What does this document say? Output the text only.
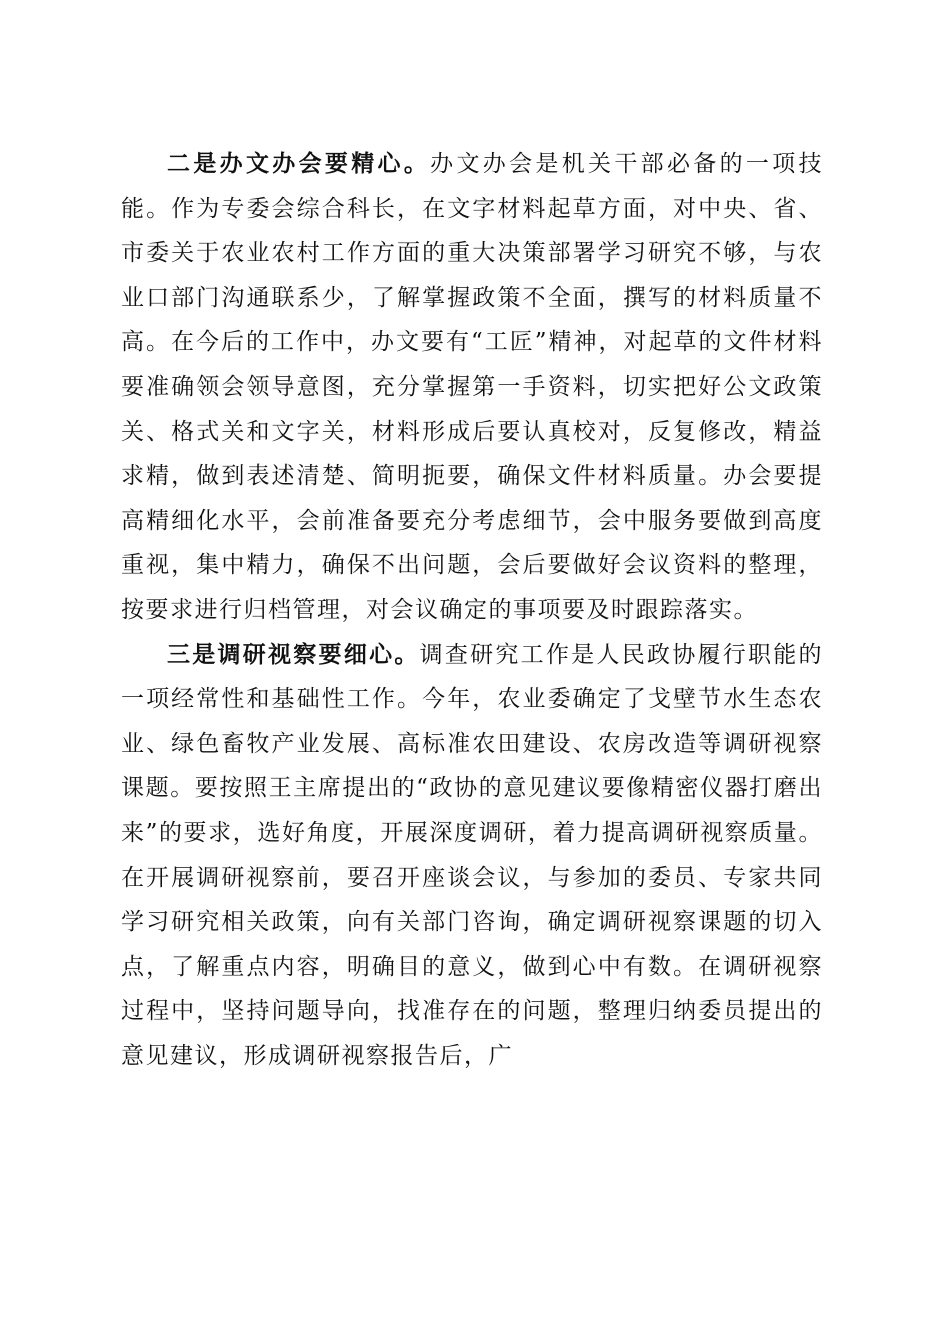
二是办文办会要精心。办文办会是机关干部必备的一项技能。作为专委会综合科长，在文字材料起草方面，对中央、省、市委关于农业农村工作方面的重大决策部署学习研究不够，与农业口部门沟通联系少，了解掌握政策不全面，撰写的材料质量不高。在今后的工作中，办文要有“工匠”精神，对起草的文件材料要准确领会领导意图，充分掌握第一手资料，切实把好公文政策关、格式关和文字关，材料形成后要认真校对，反复修改，精益求精，做到表述清楚、简明扼要，确保文件材料质量。办会要提高精细化水平，会前准备要充分考虑细节，会中服务要做到高度重视，集中精力，确保不出问题，会后要做好会议资料的整理，按要求进行归档管理，对会议确定的事项要及时跟踪落实。

三是调研视察要细心。调查研究工作是人民政协履行职能的一项经常性和基础性工作。今年，农业委确定了戈壁节水生态农业、绿色畜牧产业发展、高标准农田建设、农房改造等调研视察课题。要按照王主席提出的“政协的意见建议要像精密仪器打磨出来”的要求，选好角度，开展深度调研，着力提高调研视察质量。在开展调研视察前，要召开座谈会议，与参加的委员、专家共同学习研究相关政策，向有关部门咨询，确定调研视察课题的切入点，了解重点内容，明确目的意义，做到心中有数。在调研视察过程中，坚持问题导向，找准存在的问题，整理归纳委员提出的意见建议，形成调研视察报告后，广
